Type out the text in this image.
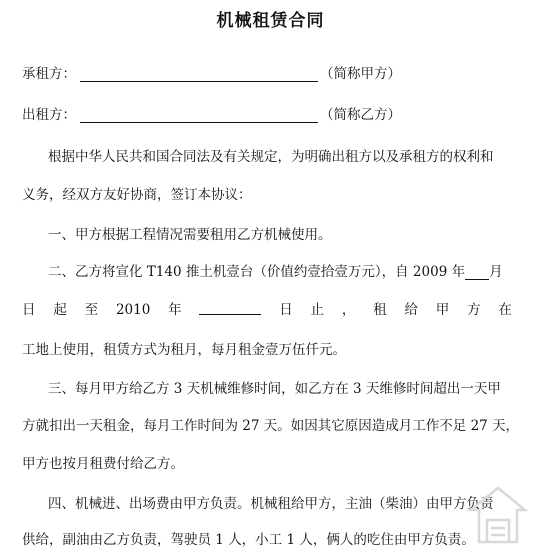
机械租赁合同
承租方：	（简称甲方）
出租方：	（简称乙方）
根据中华人民共和国合同法及有关规定，为明确出租方以及承租方的权利和
义务，经双方友好协商，签订本协议：
一、甲方根据工程情况需要租用乙方机械使用。
二、乙方将宣化 T140 推土机壹台（价值约壹拾壹万元），自 2009 年 月
日 起 至 2010 年	日 止 ， 租 给 甲 方 在
工地上使用，租赁方式为租月，每月租金壹万伍仟元。
三、每月甲方给乙方 3 天机械维修时间，如乙方在 3 天维修时间超出一天甲
方就扣出一天租金，每月工作时间为 27 天。如因其它原因造成月工作不足 27 天，
甲方也按月租费付给乙方。
四、机械进、出场费由甲方负责。机械租给甲方，主油（柴油）由甲方负责
供给，副油由乙方负责，驾驶员 1 人，小工 1 人，俩人的吃住由甲方负责。
